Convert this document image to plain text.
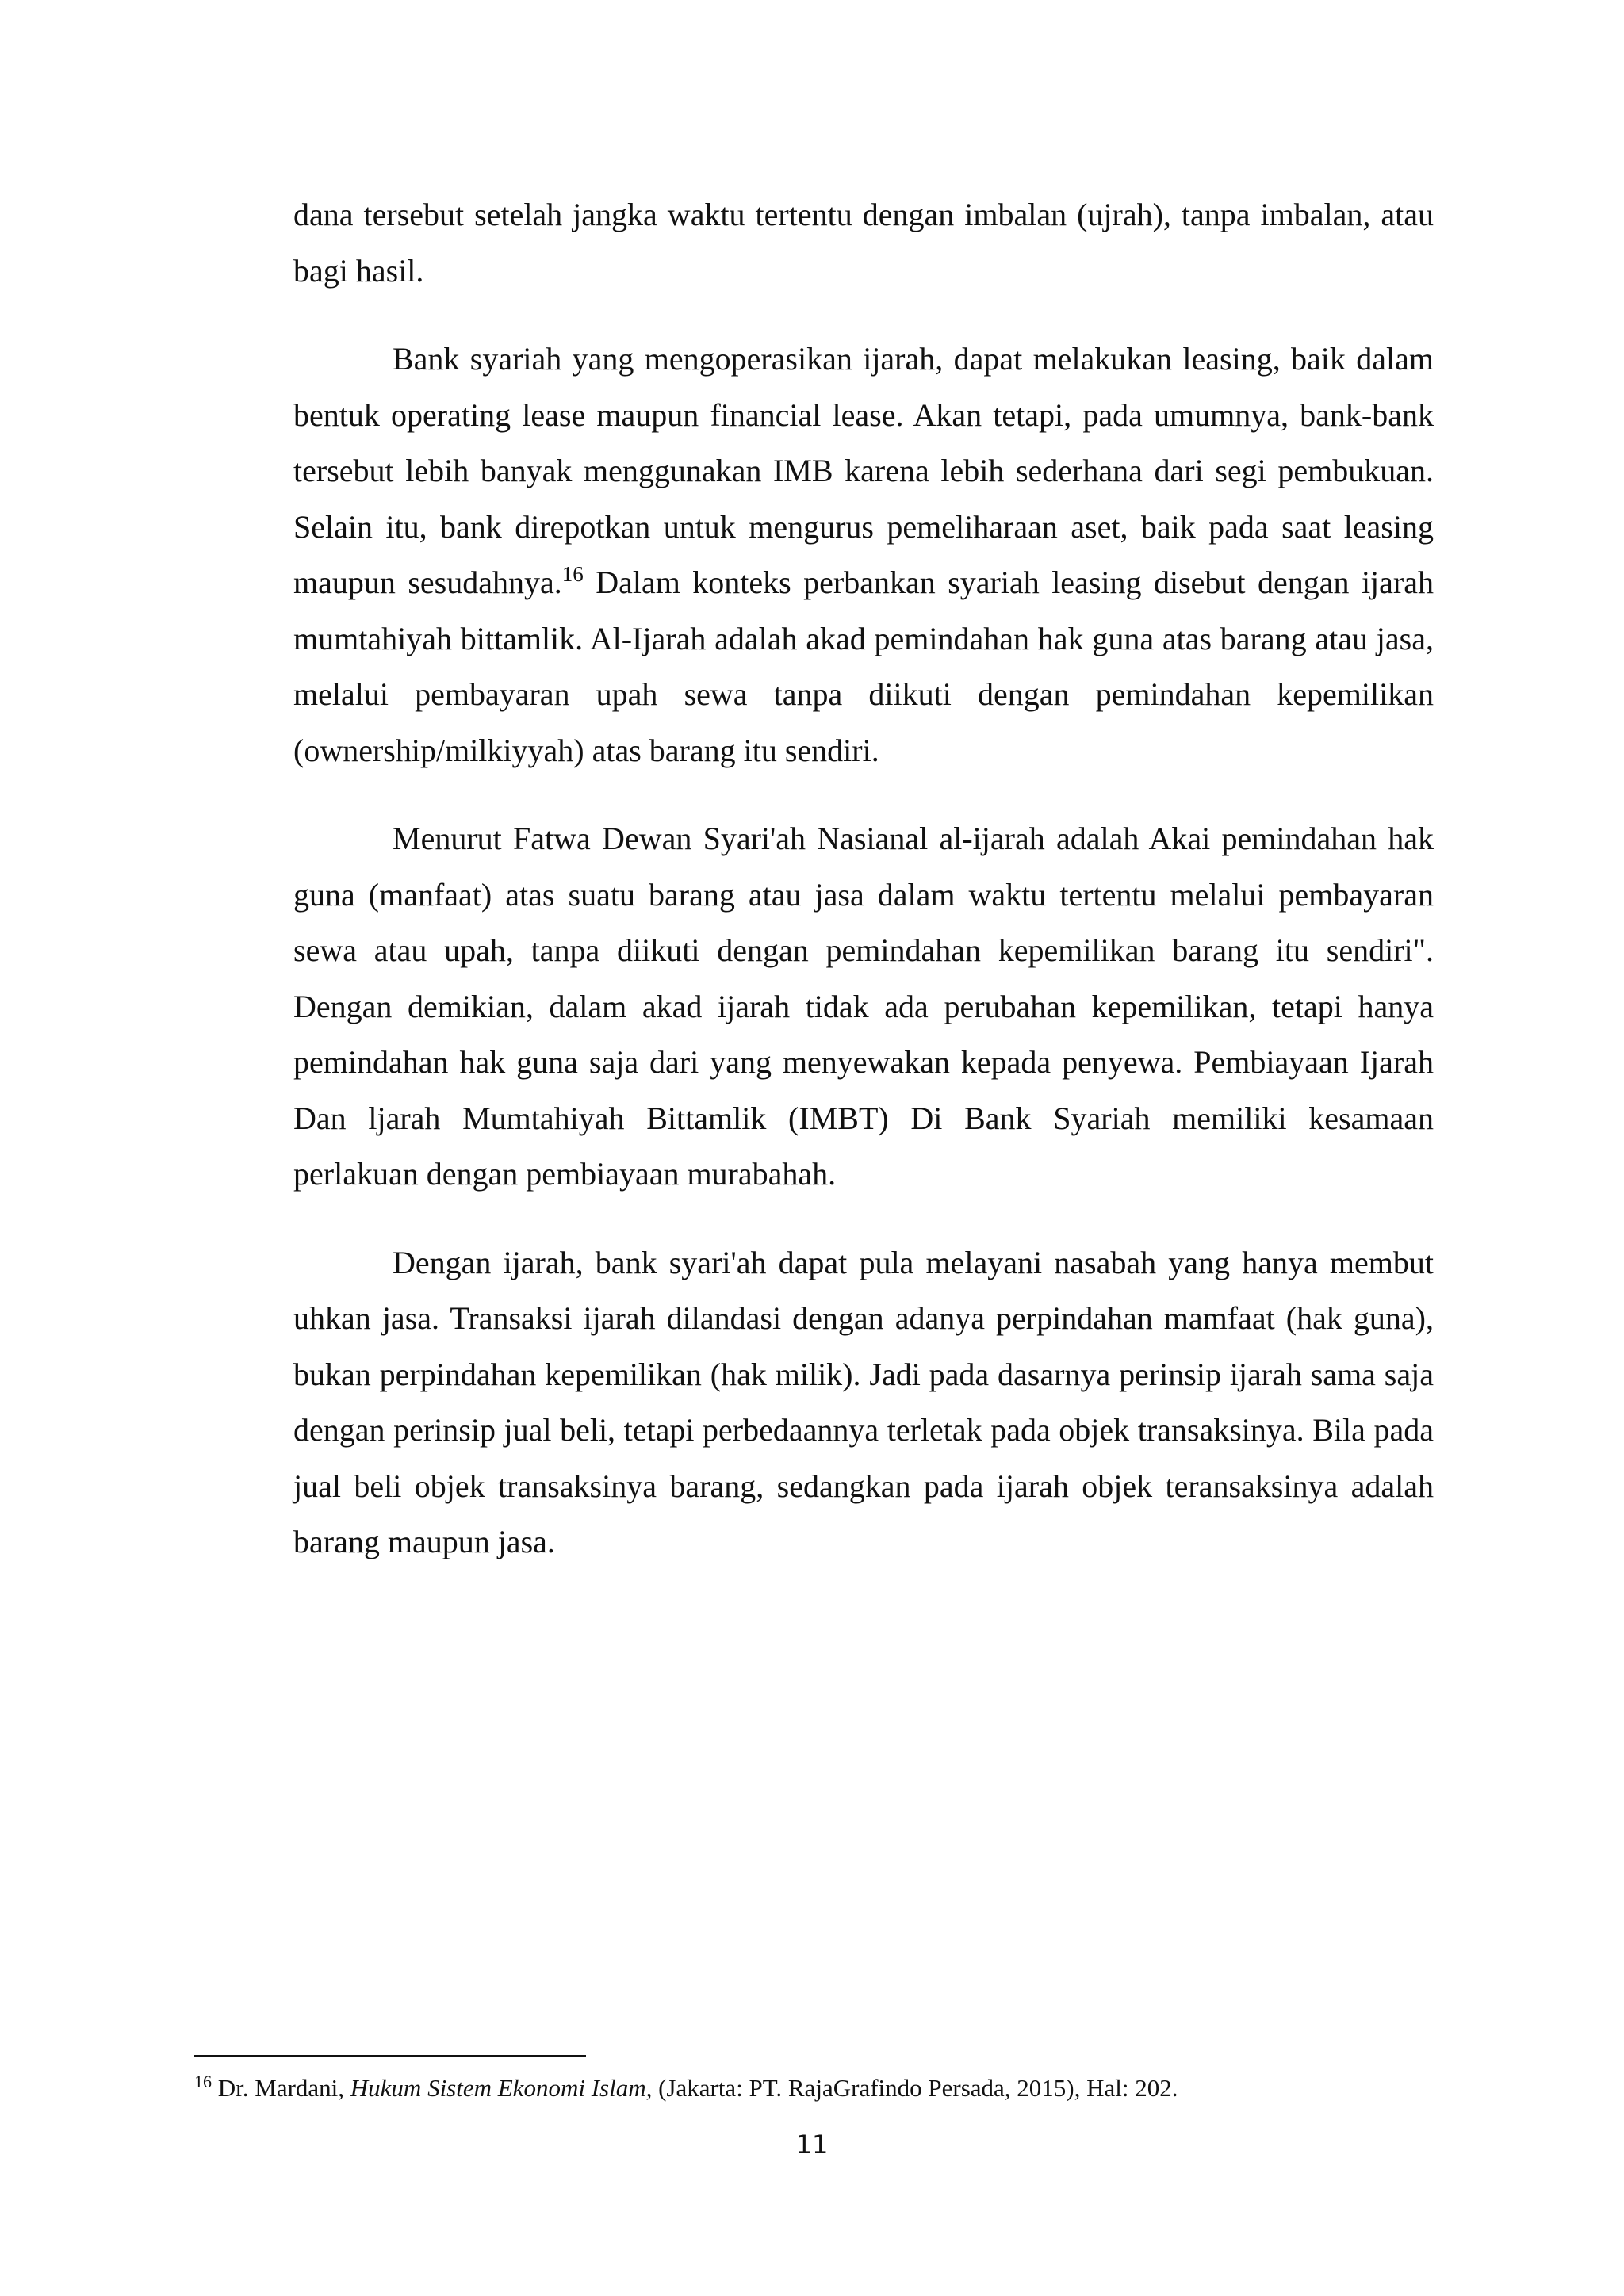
dana tersebut setelah jangka waktu tertentu dengan imbalan (ujrah), tanpa imbalan, atau bagi hasil.

Bank syariah yang mengoperasikan ijarah, dapat melakukan leasing, baik dalam bentuk operating lease maupun financial lease. Akan tetapi, pada umumnya, bank-bank tersebut lebih banyak menggunakan IMB karena lebih sederhana dari segi pembukuan. Selain itu, bank direpotkan untuk mengurus pemeliharaan aset, baik pada saat leasing maupun sesudahnya.$^{16}$ Dalam konteks perbankan syariah leasing disebut dengan ijarah mumtahiyah bittamlik. Al-Ijarah adalah akad pemindahan hak guna atas barang atau jasa, melalui pembayaran upah sewa tanpa diikuti dengan pemindahan kepemilikan (ownership/milkiyyah) atas barang itu sendiri.

Menurut Fatwa Dewan Syari'ah Nasianal al-ijarah adalah Akai pemindahan hak guna (manfaat) atas suatu barang atau jasa dalam waktu tertentu melalui pembayaran sewa atau upah, tanpa diikuti dengan pemindahan kepemilikan barang itu sendiri". Dengan demikian, dalam akad ijarah tidak ada perubahan kepemilikan, tetapi hanya pemindahan hak guna saja dari yang menyewakan kepada penyewa. Pembiayaan Ijarah Dan ljarah Mumtahiyah Bittamlik (IMBT) Di Bank Syariah memiliki kesamaan perlakuan dengan pembiayaan murabahah.

Dengan ijarah, bank syari'ah dapat pula melayani nasabah yang hanya membut uhkan jasa. Transaksi ijarah dilandasi dengan adanya perpindahan mamfaat (hak guna), bukan perpindahan kepemilikan (hak milik). Jadi pada dasarnya perinsip ijarah sama saja dengan perinsip jual beli, tetapi perbedaannya terletak pada objek transaksinya. Bila pada jual beli objek transaksinya barang, sedangkan pada ijarah objek teransaksinya adalah barang maupun jasa.

$^{16}$ Dr. Mardani, Hukum Sistem Ekonomi Islam, (Jakarta: PT. RajaGrafindo Persada, 2015), Hal: 202.
11
